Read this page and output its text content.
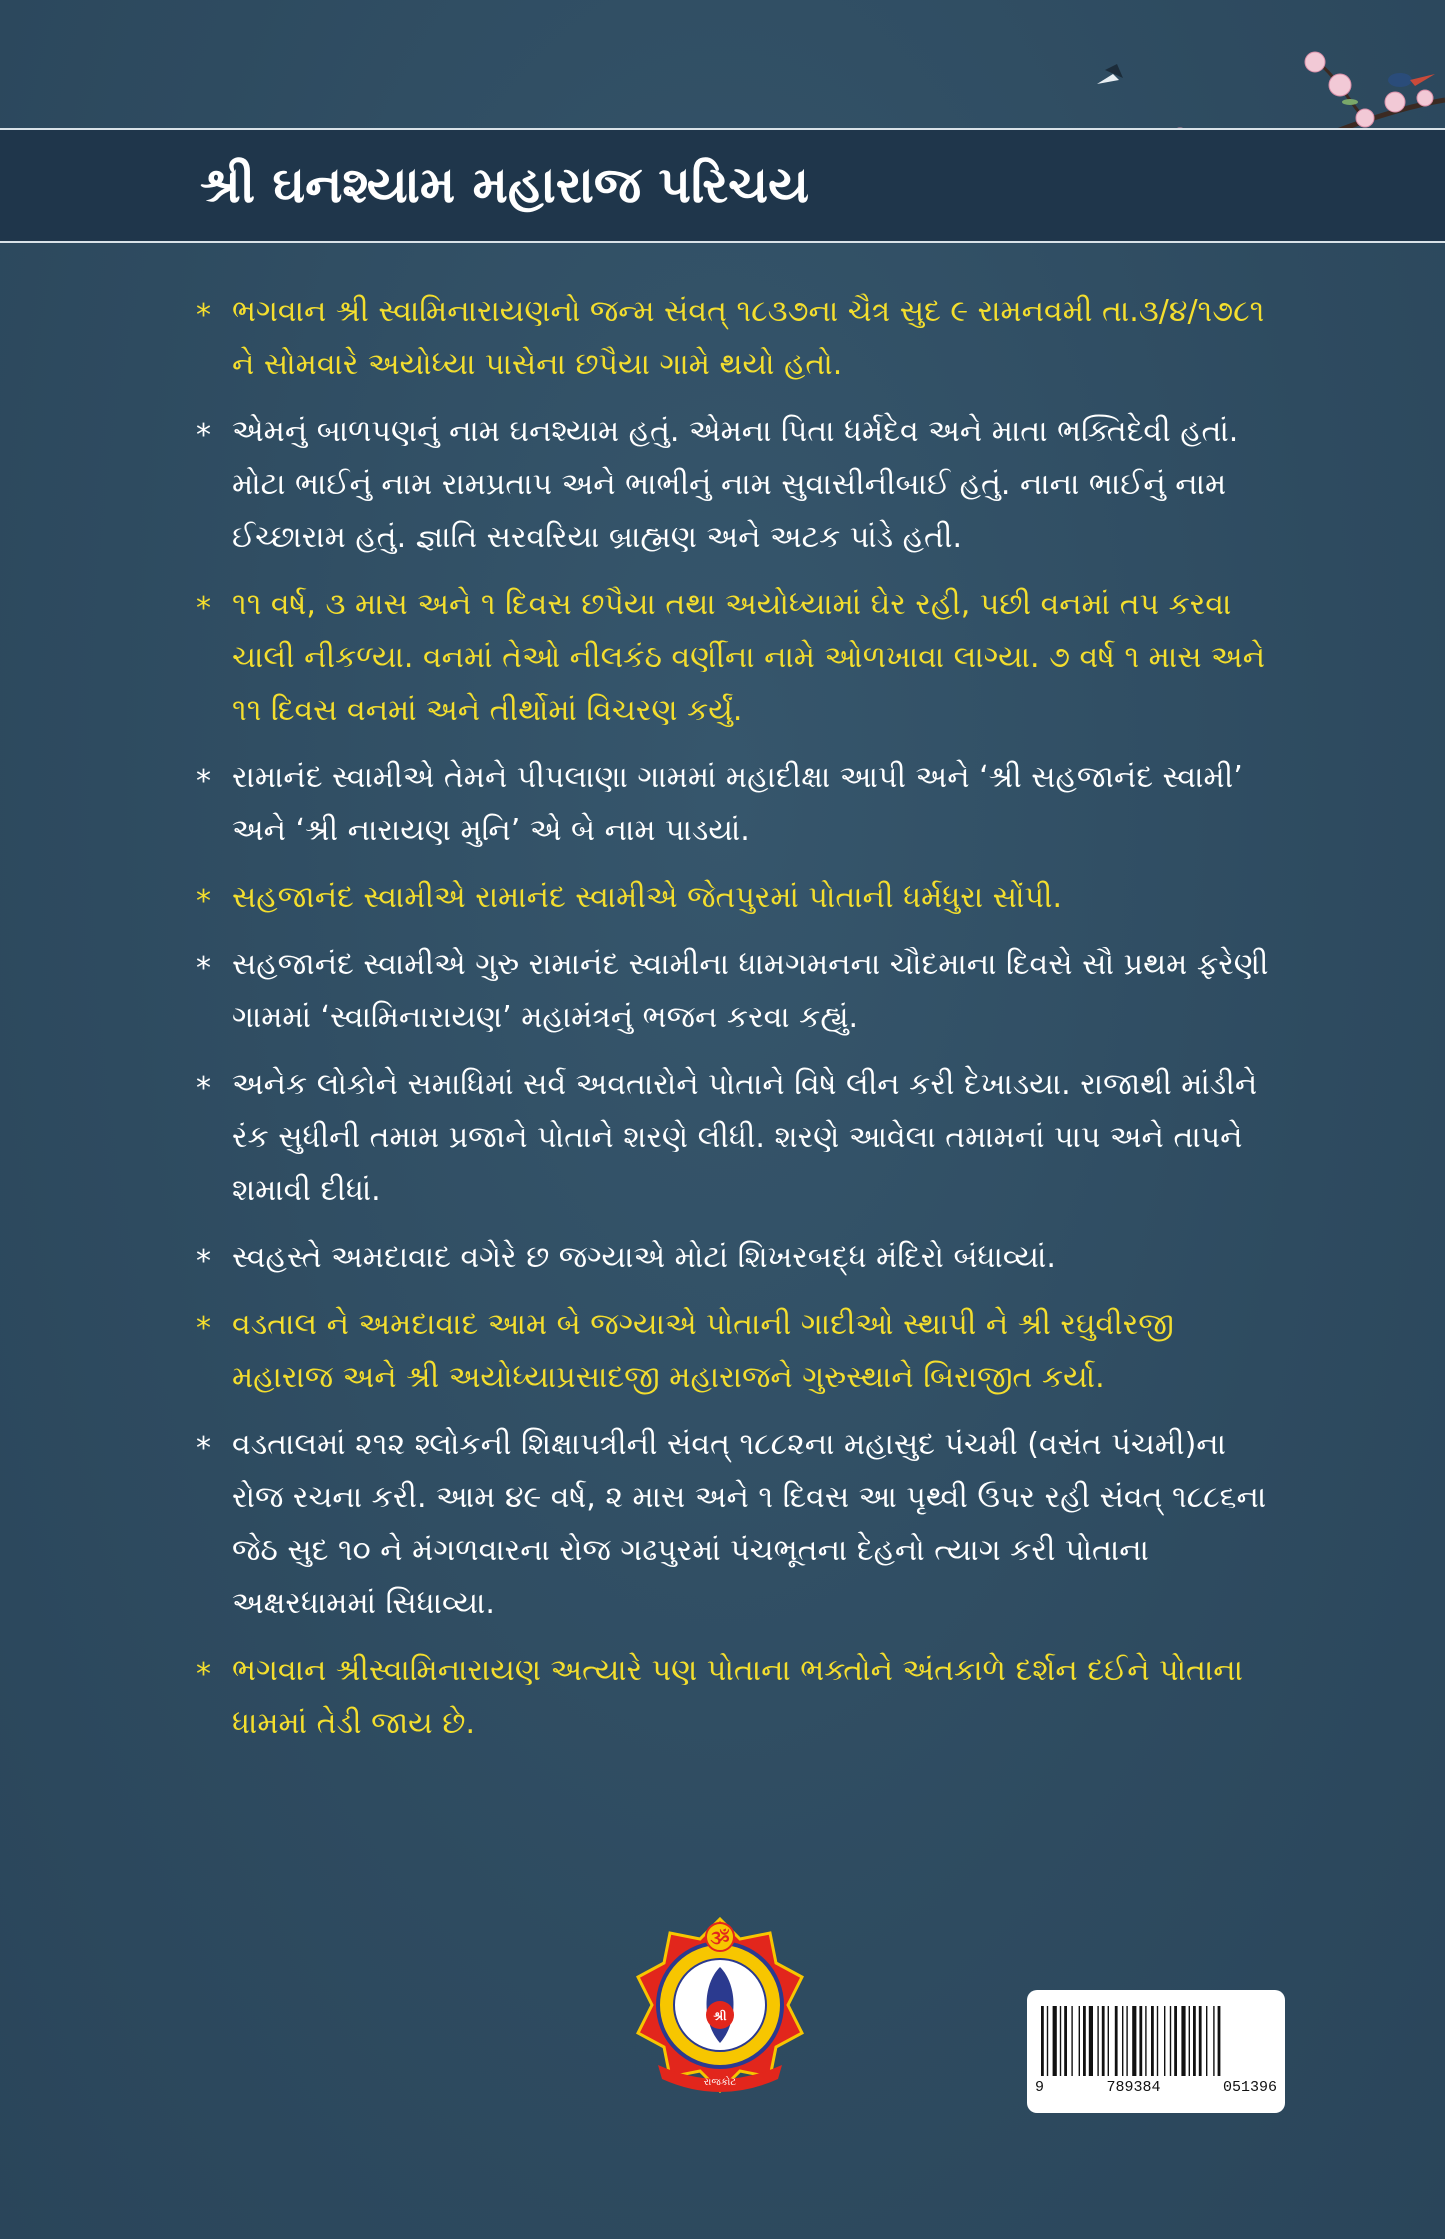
શ્રી ઘનશ્યામ મહારાજ પરિચય
* ભગવાન શ્રી સ્વામિનારાયણનો જન્મ સંવત્ ૧૮૩૭ના ચૈત્ર સુદ ૯ રામનવમી તા.૩/૪/૧૭૮૧ ને સોમવારે અયોધ્યા પાસેના છપૈયા ગામે થયો હતો.
* એમનું બાળપણનું નામ ઘનશ્યામ હતું. એમના પિતા ધર્મદેવ અને માતા ભક્તિદેવી હતાં. મોટા ભાઈનું નામ રામપ્રતાપ અને ભાભીનું નામ સુવાસીનીબાઈ હતું. નાના ભાઈનું નામ ઈચ્છારામ હતું. જ્ઞાતિ સરવરિયા બ્રાહ્મણ અને અટક પાંડે હતી.
* ૧૧ વર્ષ, ૩ માસ અને ૧ દિવસ છપૈયા તથા અયોધ્યામાં ઘેર રહી, પછી વનમાં તપ કરવા ચાલી નીકળ્યા. વનમાં તેઓ નીલકંઠ વર્ણીના નામે ઓળખાવા લાગ્યા. ૭ વર્ષ ૧ માસ અને ૧૧ દિવસ વનમાં અને તીર્થોમાં વિચરણ કર્યું.
* રામાનંદ સ્વામીએ તેમને પીપલાણા ગામમાં મહાદીક્ષા આપી અને ‘શ્રી સહજાનંદ સ્વામી’ અને ‘શ્રી નારાયણ મુનિ’ એ બે નામ પાડયાં.
* સહજાનંદ સ્વામીએ રામાનંદ સ્વામીએ જેતપુરમાં પોતાની ધર્મધુરા સોંપી.
* સહજાનંદ સ્વામીએ ગુરુ રામાનંદ સ્વામીના ધામગમનના ચૌદમાના દિવસે સૌ પ્રથમ ફરેણી ગામમાં ‘સ્વામિનારાયણ’ મહામંત્રનું ભજન કરવા કહ્યું.
* અનેક લોકોને સમાધિમાં સર્વ અવતારોને પોતાને વિષે લીન કરી દેખાડયા. રાજાથી માંડીને રંક સુધીની તમામ પ્રજાને પોતાને શરણે લીધી. શરણે આવેલા તમામનાં પાપ અને તાપને શમાવી દીધાં.
* સ્વહસ્તે અમદાવાદ વગેરે છ જગ્યાએ મોટાં શિખરબદ્ધ મંદિરો બંધાવ્યાં.
* વડતાલ ને અમદાવાદ આમ બે જગ્યાએ પોતાની ગાદીઓ સ્થાપી ને શ્રી રઘુવીરજી મહારાજ અને શ્રી અયોધ્યાપ્રસાદજી મહારાજને ગુરુસ્થાને બિરાજીત કર્યા.
* વડતાલમાં ૨૧૨ શ્લોકની શિક્ષાપત્રીની સંવત્ ૧૮૮૨ના મહાસુદ પંચમી (વસંત પંચમી)ના રોજ રચના કરી. આમ ૪૯ વર્ષ, ૨ માસ અને ૧ દિવસ આ પૃથ્વી ઉપર રહી સંવત્ ૧૮૮૬ના જેઠ સુદ ૧૦ ને મંગળવારના રોજ ગઢપુરમાં પંચભૂતના દેહનો ત્યાગ કરી પોતાના અક્ષરધામમાં સિધાવ્યા.
* ભગવાન શ્રીસ્વામિનારાયણ અત્યારે પણ પોતાના ભક્તોને અંતકાળે દર્શન દઈને પોતાના ધામમાં તેડી જાય છે.
શ્રી
ૐ
રાજકોટ	9	789384	051396
